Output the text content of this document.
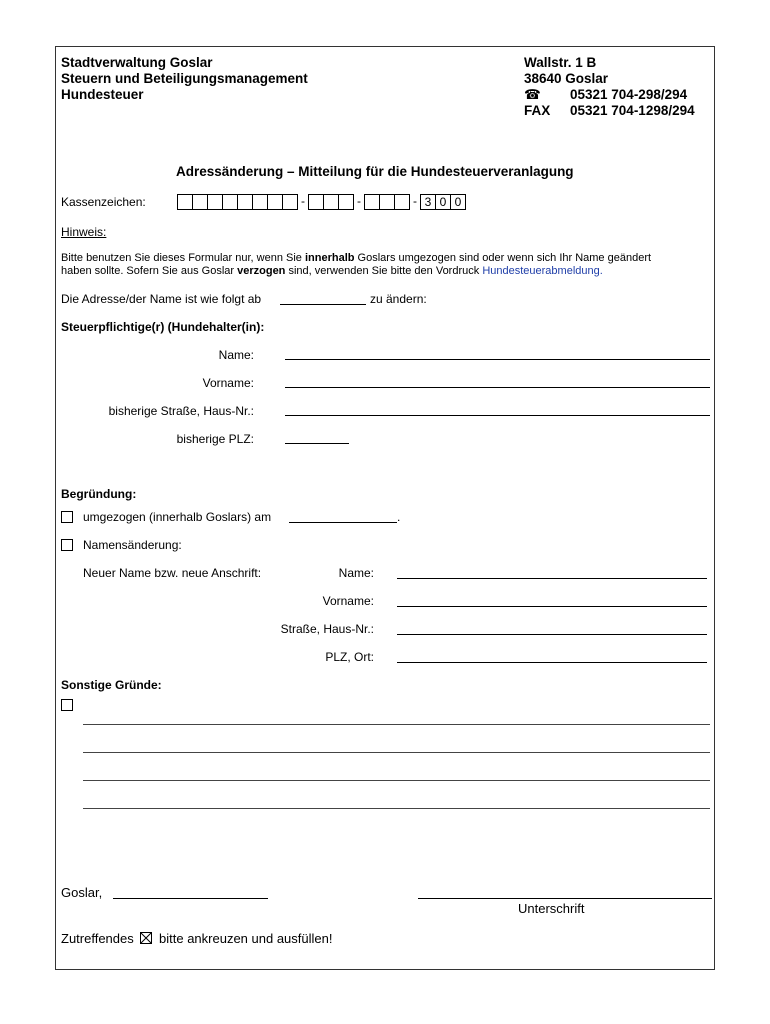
Stadtverwaltung Goslar
Steuern und Beteiligungsmanagement
Hundesteuer
Wallstr. 1 B
38640 Goslar
☎ 05321 704-298/294
FAX 05321 704-1298/294
Adressänderung – Mitteilung für die Hundesteuerveranlagung
Kassenzeichen:	-	-	- 3 0 0
Hinweis:
Bitte benutzen Sie dieses Formular nur, wenn Sie innerhalb Goslars umgezogen sind oder wenn sich Ihr Name geändert
haben sollte. Sofern Sie aus Goslar verzogen sind, verwenden Sie bitte den Vordruck Hundesteuerabmeldung.
Die Adresse/der Name ist wie folgt ab	zu ändern:
Steuerpflichtige(r) (Hundehalter(in):
Name:
Vorname:
bisherige Straße, Haus-Nr.:
bisherige PLZ:
Begründung:
umgezogen (innerhalb Goslars) am	.
Namensänderung:
Neuer Name bzw. neue Anschrift:	Name:
Vorname:
Straße, Haus-Nr.:
PLZ, Ort:
Sonstige Gründe:
Goslar,
Unterschrift
Zutreffendes bitte ankreuzen und ausfüllen!
